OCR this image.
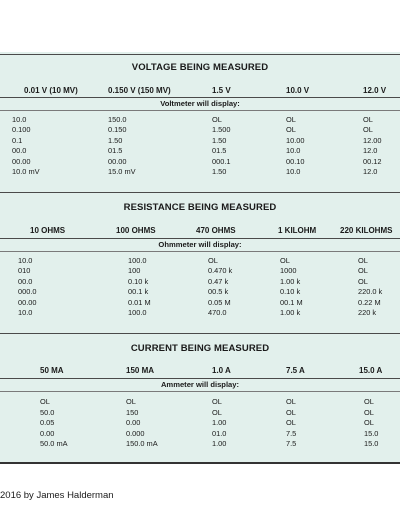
VOLTAGE BEING MEASURED
0.01 V (10 MV)	0.150 V (150 MV)	1.5 V	10.0 V	12.0 V
Voltmeter will display:
10.0	150.0	OL	OL	OL
0.100	0.150	1.500	OL	OL
0.1	1.50	1.50	10.00	12.00
00.0	01.5	01.5	10.0	12.0
00.00	00.00	000.1	00.10	00.12
10.0 mV	15.0 mV	1.50	10.0	12.0
RESISTANCE BEING MEASURED
10 OHMS	100 OHMS	470 OHMS	1 KILOHM	220 KILOHMS
Ohmmeter will display:
10.0	100.0	OL	OL	OL
010	100	0.470 k	1000	OL
00.0	0.10 k	0.47 k	1.00 k	OL
000.0	00.1 k	00.5 k	0.10 k	220.0 k
00.00	0.01 M	0.05 M	00.1 M	0.22 M
10.0	100.0	470.0	1.00 k	220 k
CURRENT BEING MEASURED
50 MA	150 MA	1.0 A	7.5 A	15.0 A
Ammeter will display:
OL	OL	OL	OL	OL
50.0	150	OL	OL	OL
0.05	0.00	1.00	OL	OL
0.00	0.000	01.0	7.5	15.0
50.0 mA	150.0 mA	1.00	7.5	15.0
2016 by James Halderman
